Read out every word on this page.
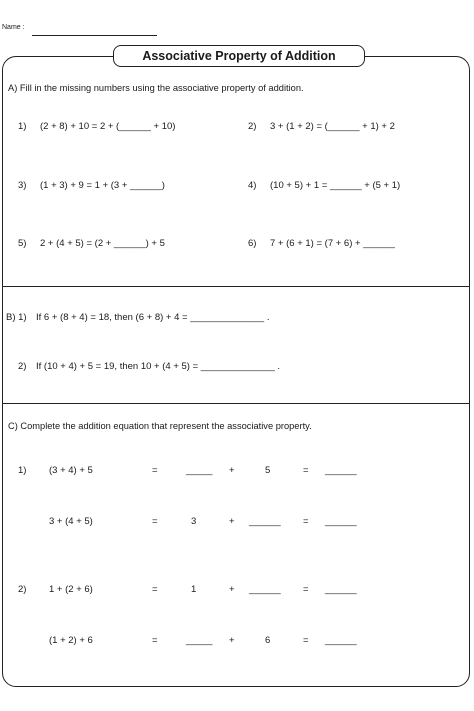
Name :
Associative Property of Addition
A) Fill in the missing numbers using the associative property of addition.
1) (2 + 8) + 10 = 2 + (______ + 10)	2) 3 + (1 + 2) = (______ + 1) + 2
3) (1 + 3) + 9 = 1 + (3 + ______)	4) (10 + 5) + 1 = ______ + (5 + 1)
5) 2 + (4 + 5) = (2 + ______) + 5	6) 7 + (6 + 1) = (7 + 6) + ______
B) 1) If 6 + (8 + 4) = 18, then (6 + 8) + 4 = ______________ .
2) If (10 + 4) + 5 = 19, then 10 + (4 + 5) = ______________ .
C) Complete the addition equation that represent the associative property.
1) (3 + 4) + 5	=	_____ +	5	= ______
3 + (4 + 5)	=	3	+ ______ = ______
2) 1 + (2 + 6)	=	1	+ ______ = ______
(1 + 2) + 6	=	_____ +	6	= ______
